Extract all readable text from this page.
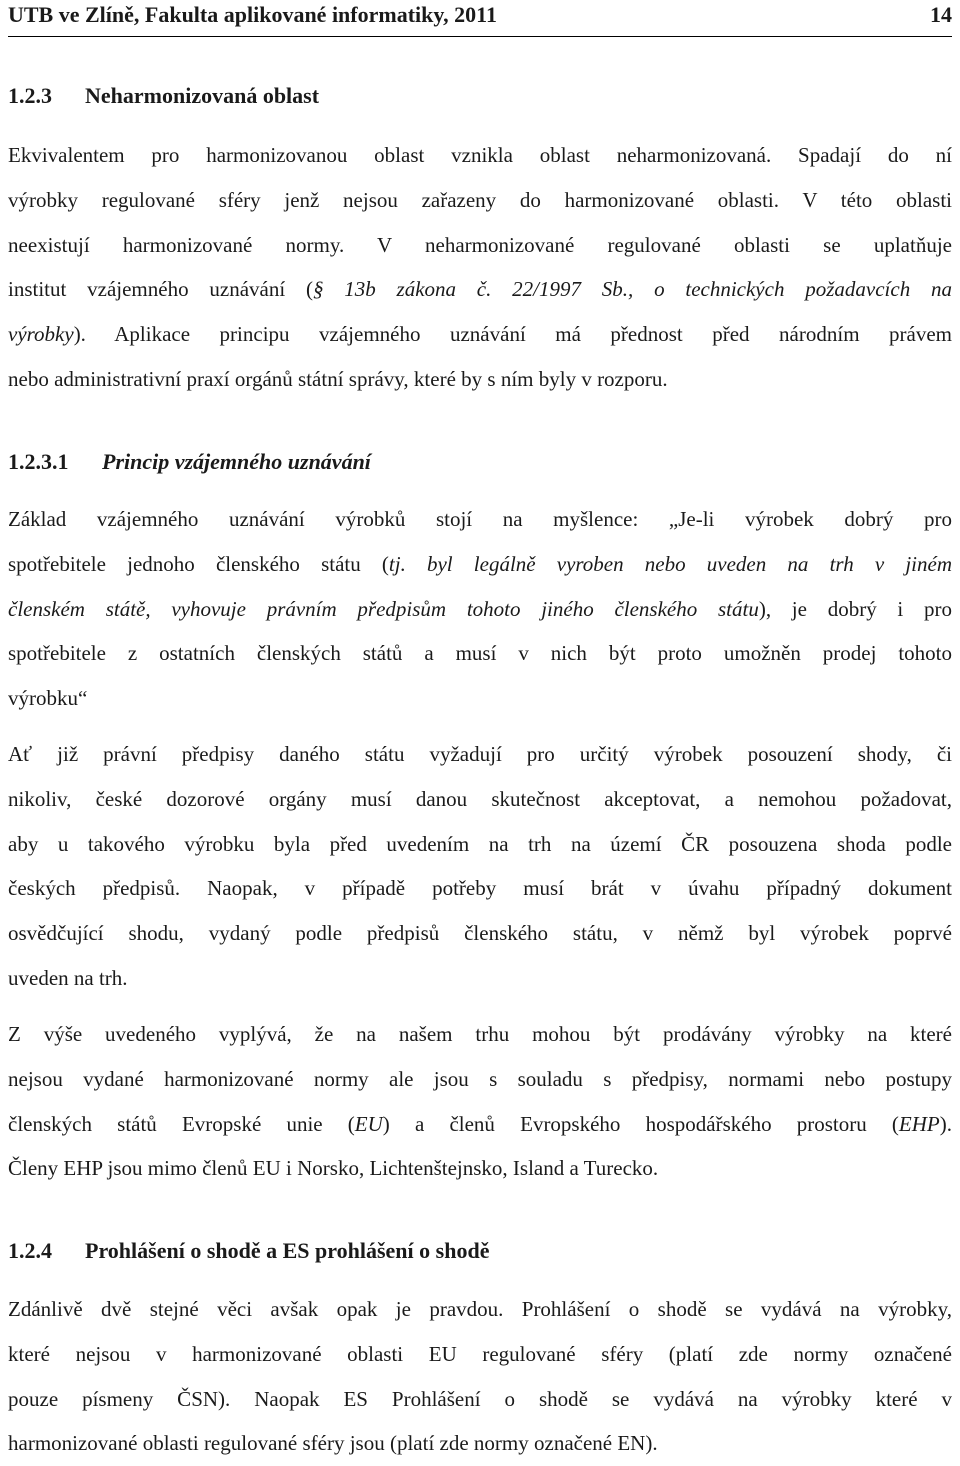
UTB ve Zlíně, Fakulta aplikované informatiky, 2011	14
1.2.3 Neharmonizovaná oblast
Ekvivalentem pro harmonizovanou oblast vznikla oblast neharmonizovaná. Spadají do ní
výrobky regulované sféry jenž nejsou zařazeny do harmonizované oblasti. V této oblasti
neexistují harmonizované normy. V neharmonizované regulované oblasti se uplatňuje
institut vzájemného uznávání (§ 13b zákona č. 22/1997 Sb., o technických požadavcích na
výrobky). Aplikace principu vzájemného uznávání má přednost před národním právem
nebo administrativní praxí orgánů státní správy, které by s ním byly v rozporu.
1.2.3.1 Princip vzájemného uznávání
Základ vzájemného uznávání výrobků stojí na myšlence: „Je-li výrobek dobrý pro
spotřebitele jednoho členského státu (tj. byl legálně vyroben nebo uveden na trh v jiném
členském státě, vyhovuje právním předpisům tohoto jiného členského státu), je dobrý i pro
spotřebitele z ostatních členských států a musí v nich být proto umožněn prodej tohoto
výrobku“
Ať již právní předpisy daného státu vyžadují pro určitý výrobek posouzení shody, či
nikoliv, české dozorové orgány musí danou skutečnost akceptovat, a nemohou požadovat,
aby u takového výrobku byla před uvedením na trh na území ČR posouzena shoda podle
českých předpisů. Naopak, v případě potřeby musí brát v úvahu případný dokument
osvědčující shodu, vydaný podle předpisů členského státu, v němž byl výrobek poprvé
uveden na trh.
Z výše uvedeného vyplývá, že na našem trhu mohou být prodávány výrobky na které
nejsou vydané harmonizované normy ale jsou s souladu s předpisy, normami nebo postupy
členských států Evropské unie (EU) a členů Evropského hospodářského prostoru (EHP).
Členy EHP jsou mimo členů EU i Norsko, Lichtenštejnsko, Island a Turecko.
1.2.4 Prohlášení o shodě a ES prohlášení o shodě
Zdánlivě dvě stejné věci avšak opak je pravdou. Prohlášení o shodě se vydává na výrobky,
které nejsou v harmonizované oblasti EU regulované sféry (platí zde normy označené
pouze písmeny ČSN). Naopak ES Prohlášení o shodě se vydává na výrobky které v
harmonizované oblasti regulované sféry jsou (platí zde normy označené EN).
